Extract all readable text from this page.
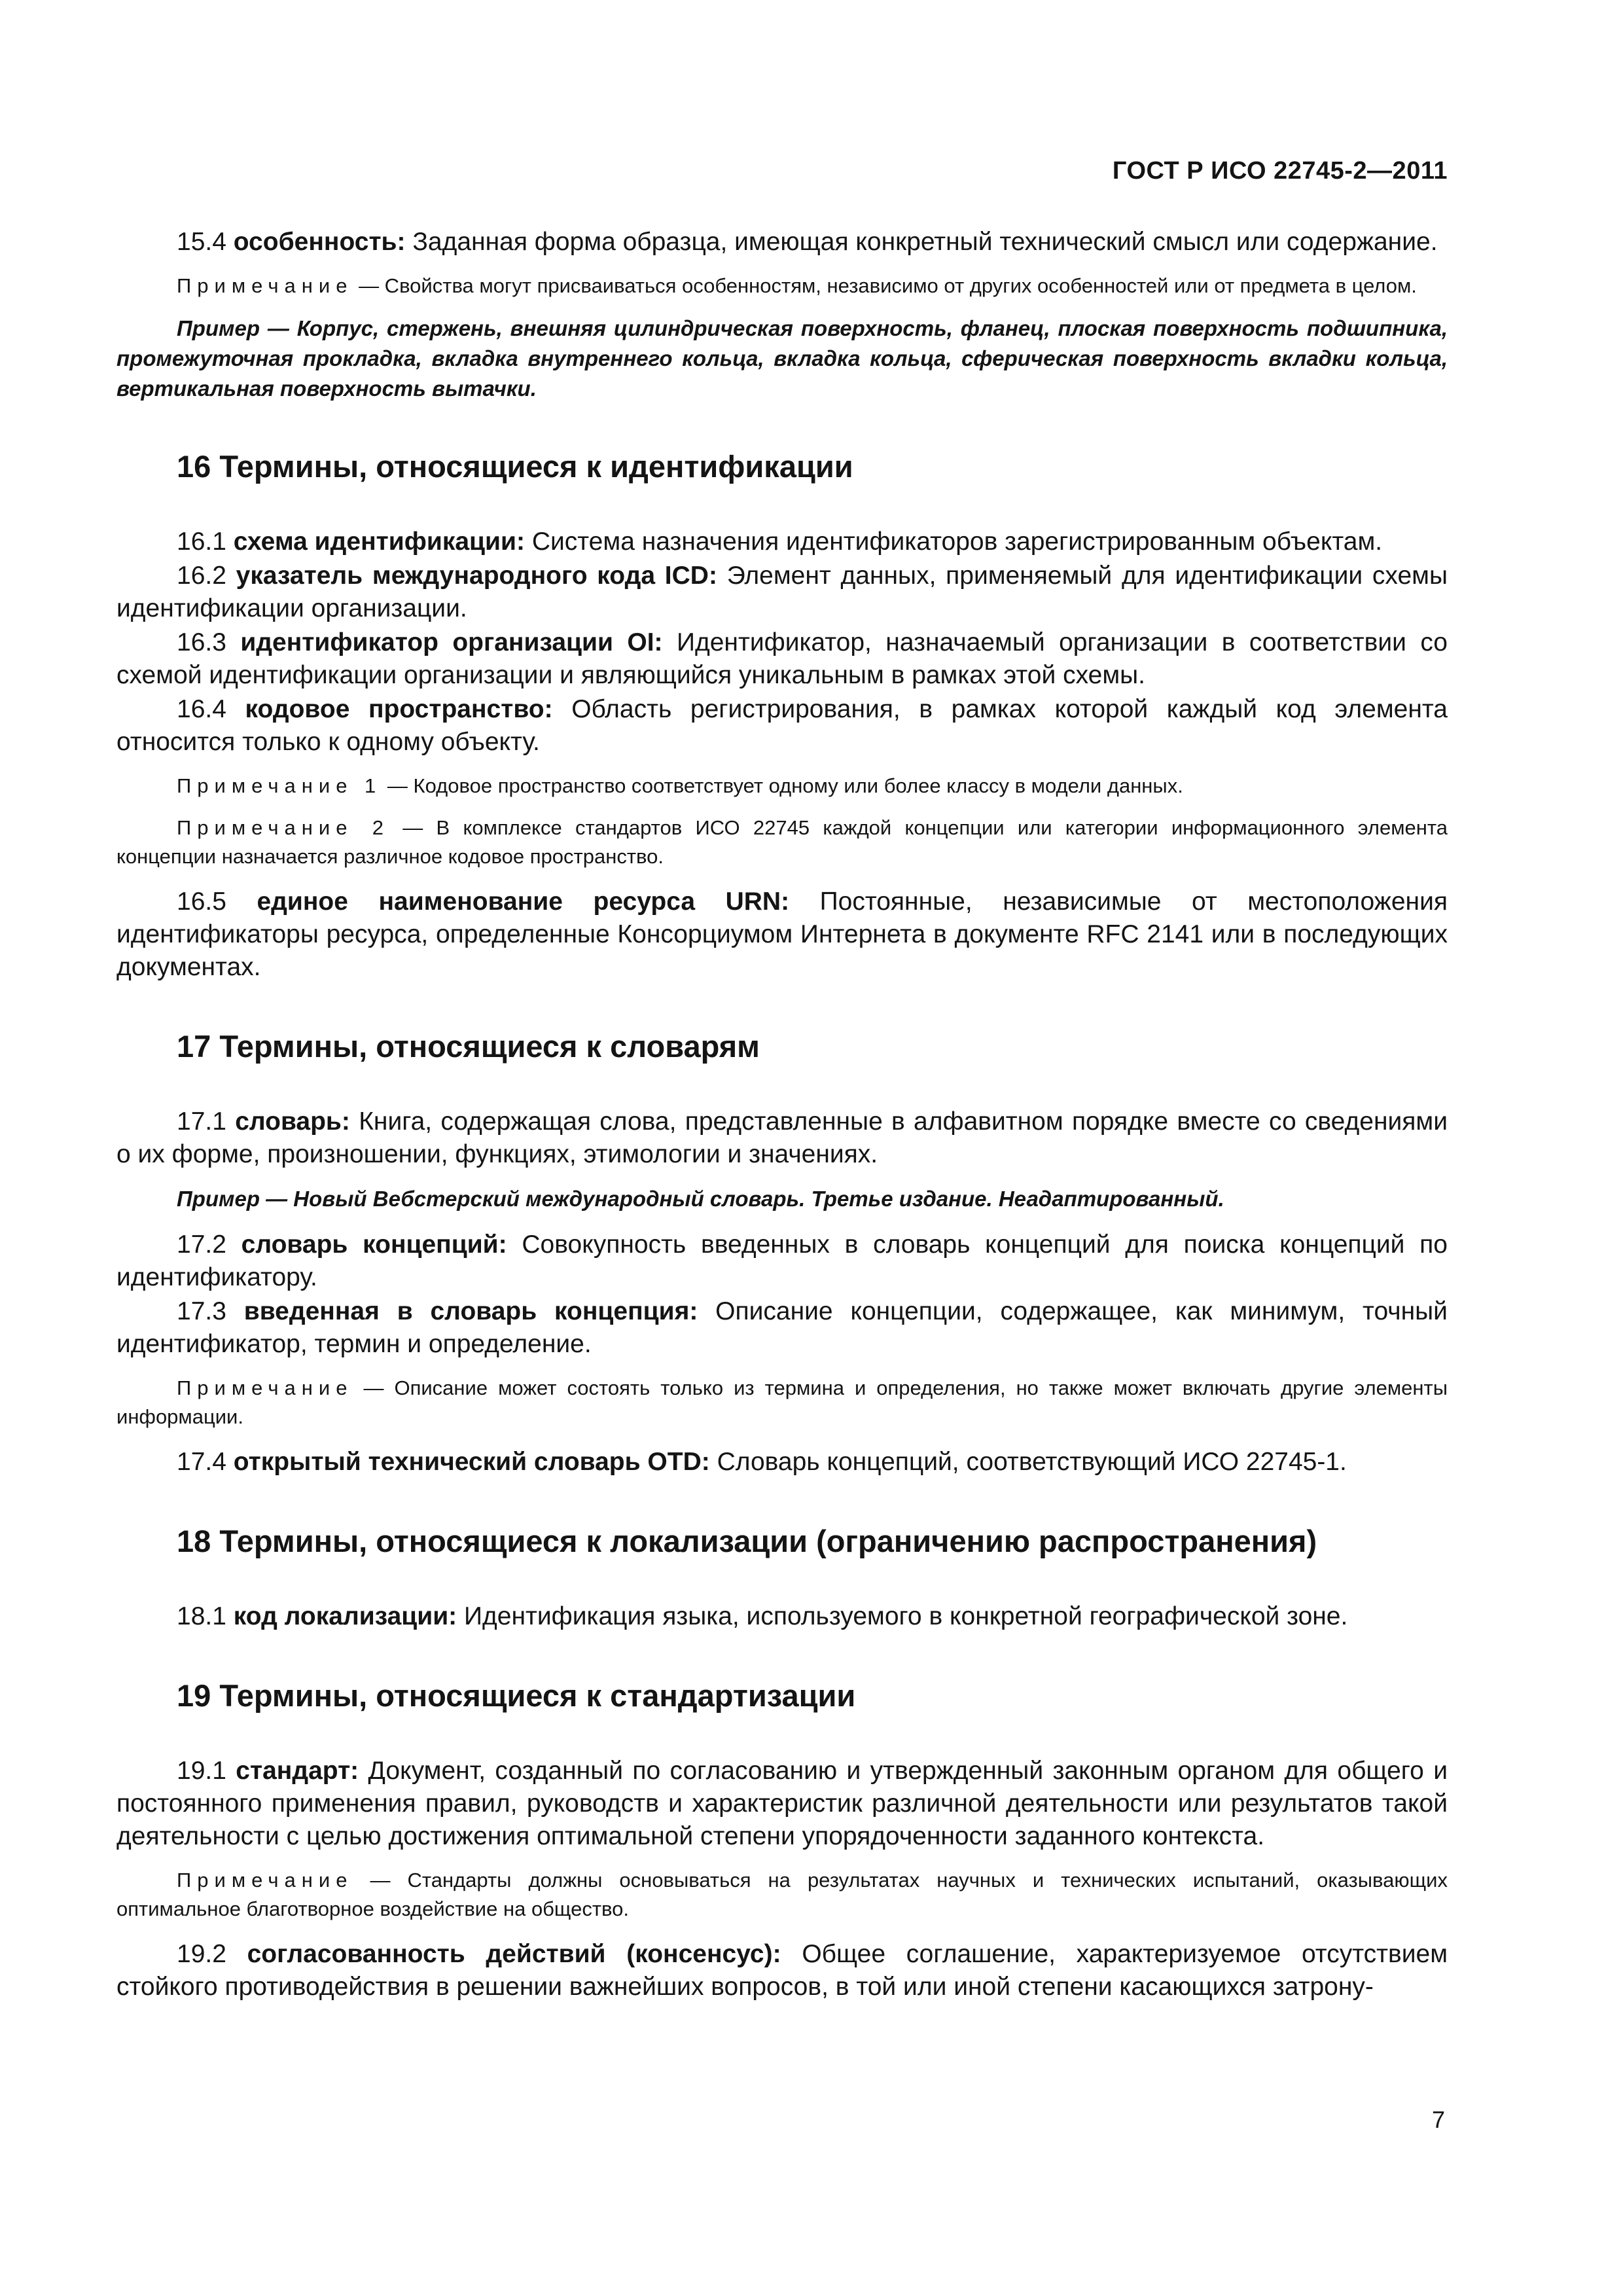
ГОСТ Р ИСО 22745-2—2011

15.4 особенность: Заданная форма образца, имеющая конкретный технический смысл или содержание.

Примечание — Свойства могут присваиваться особенностям, независимо от других особенностей или от предмета в целом.

Пример — Корпус, стержень, внешняя цилиндрическая поверхность, фланец, плоская поверхность подшипника, промежуточная прокладка, вкладка внутреннего кольца, вкладка кольца, сферическая поверхность вкладки кольца, вертикальная поверхность вытачки.

16 Термины, относящиеся к идентификации

16.1 схема идентификации: Система назначения идентификаторов зарегистрированным объектам.

16.2 указатель международного кода ICD: Элемент данных, применяемый для идентификации схемы идентификации организации.

16.3 идентификатор организации OI: Идентификатор, назначаемый организации в соответствии со схемой идентификации организации и являющийся уникальным в рамках этой схемы.

16.4 кодовое пространство: Область регистрирования, в рамках которой каждый код элемента относится только к одному объекту.

Примечание 1 — Кодовое пространство соответствует одному или более классу в модели данных.

Примечание 2 — В комплексе стандартов ИСО 22745 каждой концепции или категории информационного элемента концепции назначается различное кодовое пространство.

16.5 единое наименование ресурса URN: Постоянные, независимые от местоположения идентификаторы ресурса, определенные Консорциумом Интернета в документе RFC 2141 или в последующих документах.

17 Термины, относящиеся к словарям

17.1 словарь: Книга, содержащая слова, представленные в алфавитном порядке вместе со сведениями о их форме, произношении, функциях, этимологии и значениях.

Пример — Новый Вебстерский международный словарь. Третье издание. Неадаптированный.

17.2 словарь концепций: Совокупность введенных в словарь концепций для поиска концепций по идентификатору.

17.3 введенная в словарь концепция: Описание концепции, содержащее, как минимум, точный идентификатор, термин и определение.

Примечание — Описание может состоять только из термина и определения, но также может включать другие элементы информации.

17.4 открытый технический словарь OTD: Словарь концепций, соответствующий ИСО 22745-1.

18 Термины, относящиеся к локализации (ограничению распространения)

18.1 код локализации: Идентификация языка, используемого в конкретной географической зоне.

19 Термины, относящиеся к стандартизации

19.1 стандарт: Документ, созданный по согласованию и утвержденный законным органом для общего и постоянного применения правил, руководств и характеристик различной деятельности или результатов такой деятельности с целью достижения оптимальной степени упорядоченности заданного контекста.

Примечание — Стандарты должны основываться на результатах научных и технических испытаний, оказывающих оптимальное благотворное воздействие на общество.

19.2 согласованность действий (консенсус): Общее соглашение, характеризуемое отсутствием стойкого противодействия в решении важнейших вопросов, в той или иной степени касающихся затрону-

7
